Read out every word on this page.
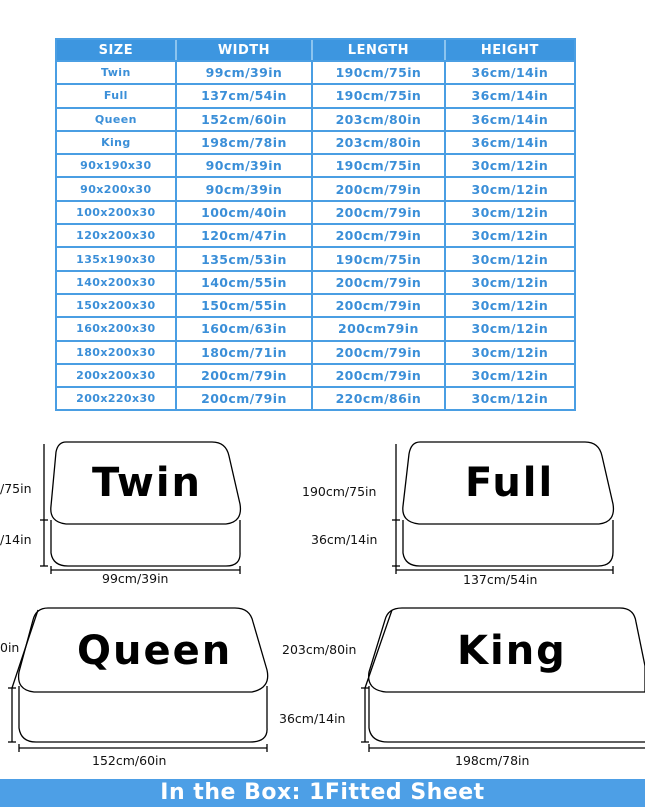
SIZE	WIDTH	LENGTH	HEIGHT
Twin	99cm/39in	190cm/75in	36cm/14in
Full	137cm/54in	190cm/75in	36cm/14in
Queen	152cm/60in	203cm/80in	36cm/14in
King	198cm/78in	203cm/80in	36cm/14in
90x190x30	90cm/39in	190cm/75in	30cm/12in
90x200x30	90cm/39in	200cm/79in	30cm/12in
100x200x30	100cm/40in	200cm/79in	30cm/12in
120x200x30	120cm/47in	200cm/79in	30cm/12in
135x190x30	135cm/53in	190cm/75in	30cm/12in
140x200x30	140cm/55in	200cm/79in	30cm/12in
150x200x30	150cm/55in	200cm/79in	30cm/12in
160x200x30	160cm/63in	200cm79in	30cm/12in
180x200x30	180cm/71in	200cm/79in	30cm/12in
200x200x30	200cm/79in	200cm/79in	30cm/12in
200x220x30	200cm/79in	220cm/86in	30cm/12in
Twin	Full
Queen	King
/75in
/14in
99cm/39in
190cm/75in
36cm/14in
137cm/54in
0in
152cm/60in
203cm/80in
36cm/14in
198cm/78in
In the Box: 1Fitted Sheet
